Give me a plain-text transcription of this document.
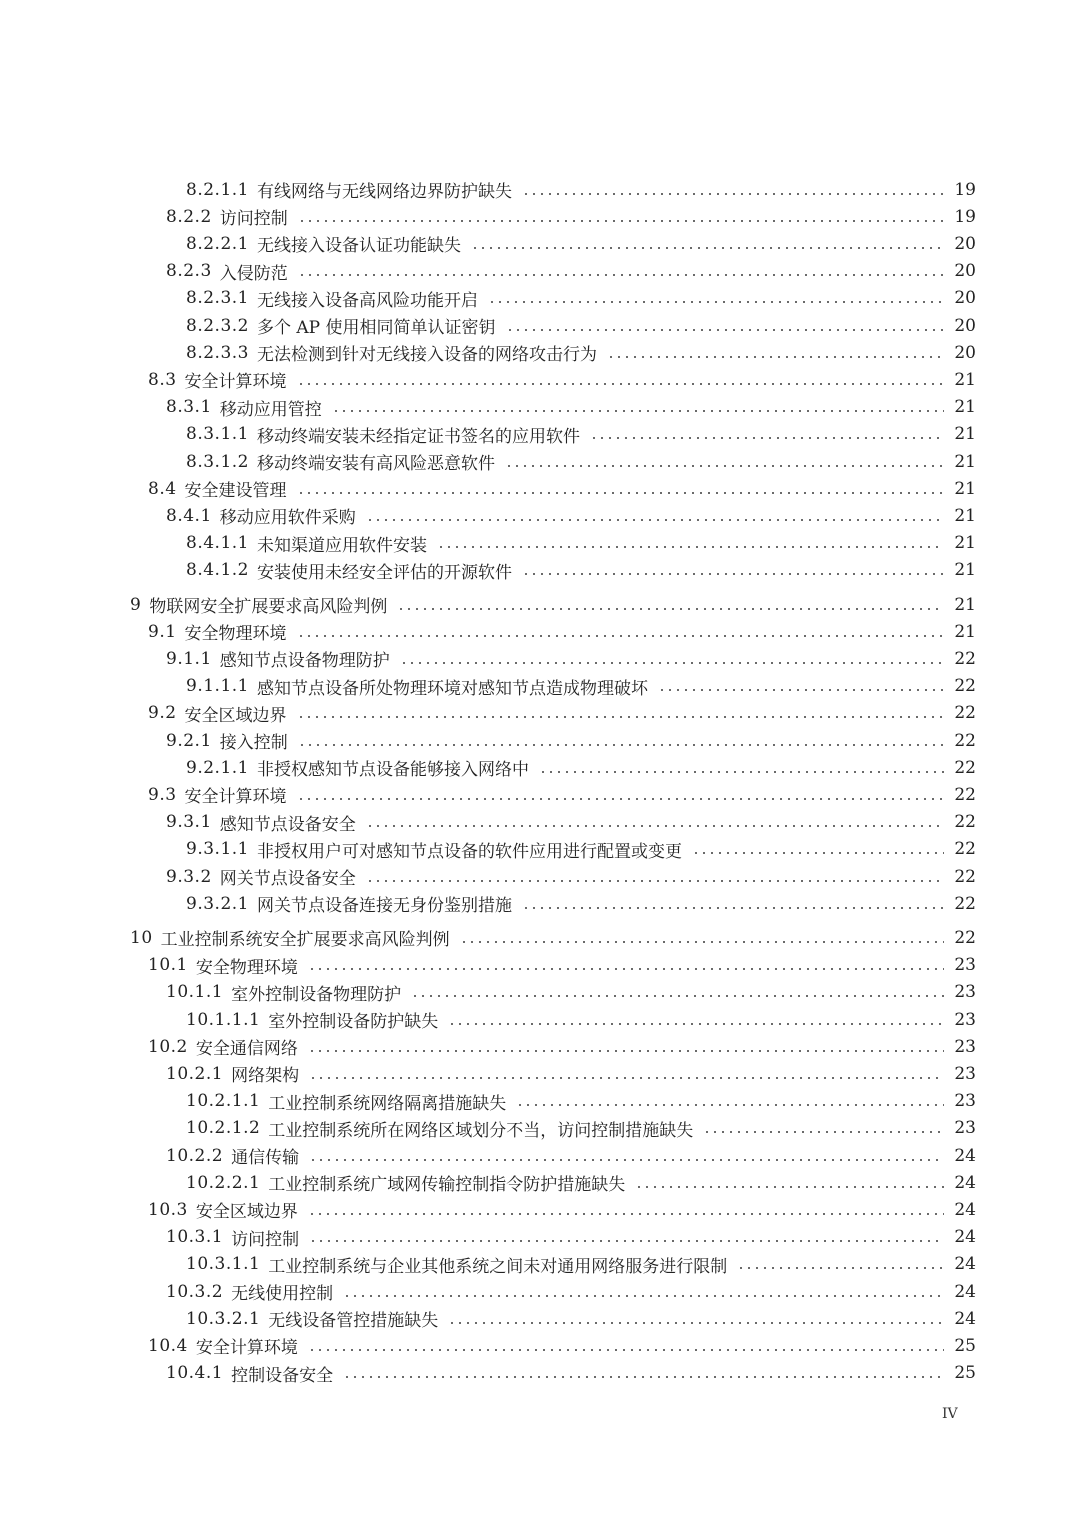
8.2.1.1 有线网络与无线网络边界防护缺失	19
8.2.2 访问控制	19
8.2.2.1 无线接入设备认证功能缺失	20
8.2.3 入侵防范	20
8.2.3.1 无线接入设备高风险功能开启	20
8.2.3.2 多个 AP 使用相同简单认证密钥	20
8.2.3.3 无法检测到针对无线接入设备的网络攻击行为	20
8.3 安全计算环境	21
8.3.1 移动应用管控	21
8.3.1.1 移动终端安装未经指定证书签名的应用软件	21
8.3.1.2 移动终端安装有高风险恶意软件	21
8.4 安全建设管理	21
8.4.1 移动应用软件采购	21
8.4.1.1 未知渠道应用软件安装	21
8.4.1.2 安装使用未经安全评估的开源软件	21
9 物联网安全扩展要求高风险判例	21
9.1 安全物理环境	21
9.1.1 感知节点设备物理防护	22
9.1.1.1 感知节点设备所处物理环境对感知节点造成物理破坏	22
9.2 安全区域边界	22
9.2.1 接入控制	22
9.2.1.1 非授权感知节点设备能够接入网络中	22
9.3 安全计算环境	22
9.3.1 感知节点设备安全	22
9.3.1.1 非授权用户可对感知节点设备的软件应用进行配置或变更	22
9.3.2 网关节点设备安全	22
9.3.2.1 网关节点设备连接无身份鉴别措施	22
10 工业控制系统安全扩展要求高风险判例	22
10.1 安全物理环境	23
10.1.1 室外控制设备物理防护	23
10.1.1.1 室外控制设备防护缺失	23
10.2 安全通信网络	23
10.2.1 网络架构	23
10.2.1.1 工业控制系统网络隔离措施缺失	23
10.2.1.2 工业控制系统所在网络区域划分不当，访问控制措施缺失	23
10.2.2 通信传输	24
10.2.2.1 工业控制系统广域网传输控制指令防护措施缺失	24
10.3 安全区域边界	24
10.3.1 访问控制	24
10.3.1.1 工业控制系统与企业其他系统之间未对通用网络服务进行限制	24
10.3.2 无线使用控制	24
10.3.2.1 无线设备管控措施缺失	24
10.4 安全计算环境	25
10.4.1 控制设备安全	25
IV
